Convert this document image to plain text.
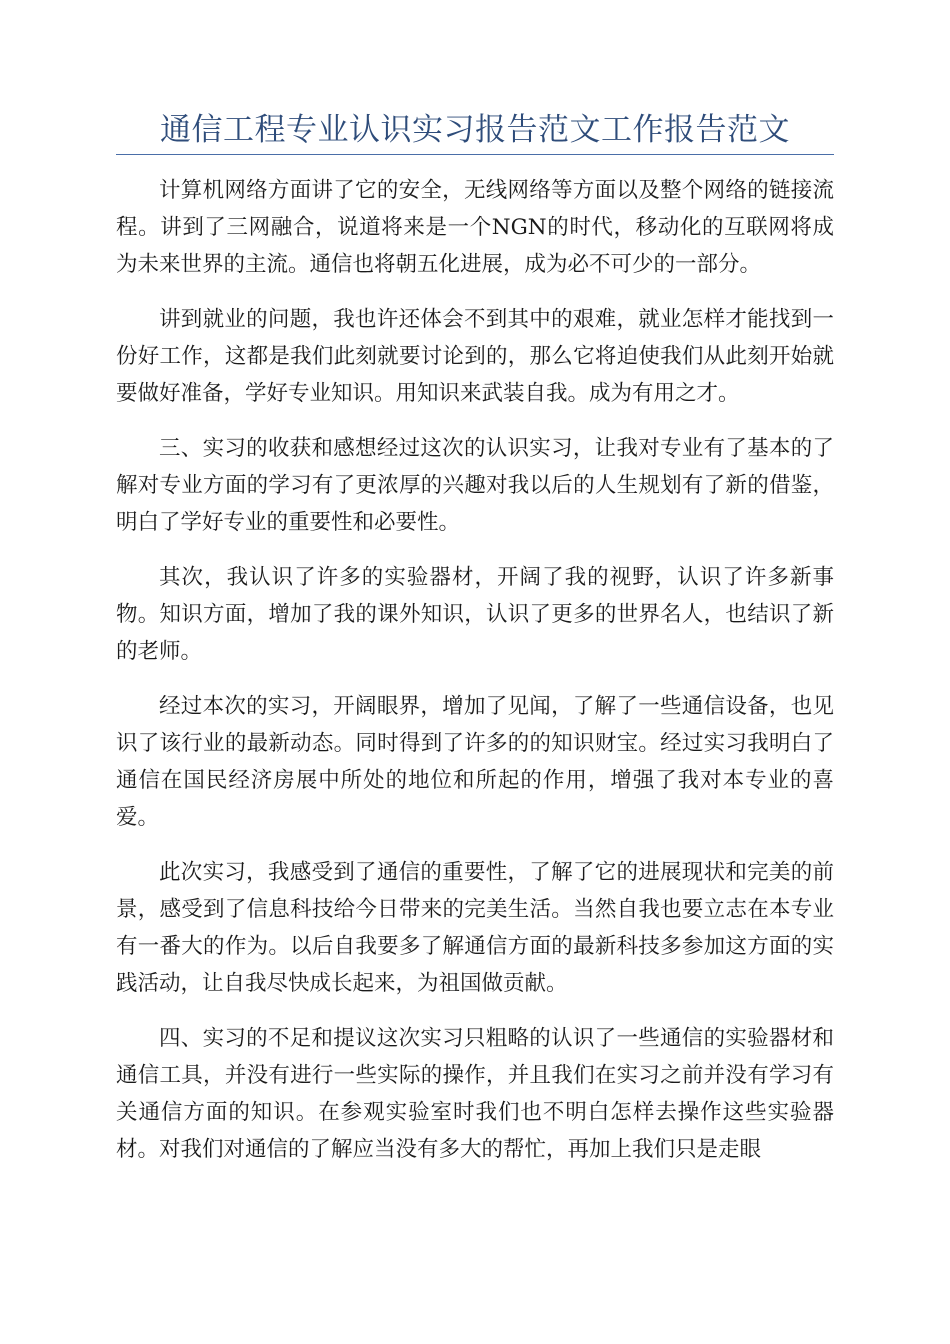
通信工程专业认识实习报告范文工作报告范文

计算机网络方面讲了它的安全，无线网络等方面以及整个网络的链接流程。讲到了三网融合，说道将来是一个NGN的时代，移动化的互联网将成为未来世界的主流。通信也将朝五化进展，成为必不可少的一部分。

讲到就业的问题，我也许还体会不到其中的艰难，就业怎样才能找到一份好工作，这都是我们此刻就要讨论到的，那么它将迫使我们从此刻开始就要做好准备，学好专业知识。用知识来武装自我。成为有用之才。

三、实习的收获和感想经过这次的认识实习，让我对专业有了基本的了解对专业方面的学习有了更浓厚的兴趣对我以后的人生规划有了新的借鉴，明白了学好专业的重要性和必要性。

其次，我认识了许多的实验器材，开阔了我的视野，认识了许多新事物。知识方面，增加了我的课外知识，认识了更多的世界名人，也结识了新的老师。

经过本次的实习，开阔眼界，增加了见闻，了解了一些通信设备，也见识了该行业的最新动态。同时得到了许多的的知识财宝。经过实习我明白了通信在国民经济房展中所处的地位和所起的作用，增强了我对本专业的喜爱。

此次实习，我感受到了通信的重要性，了解了它的进展现状和完美的前景，感受到了信息科技给今日带来的完美生活。当然自我也要立志在本专业有一番大的作为。以后自我要多了解通信方面的最新科技多参加这方面的实践活动，让自我尽快成长起来，为祖国做贡献。

四、实习的不足和提议这次实习只粗略的认识了一些通信的实验器材和通信工具，并没有进行一些实际的操作，并且我们在实习之前并没有学习有关通信方面的知识。在参观实验室时我们也不明白怎样去操作这些实验器材。对我们对通信的了解应当没有多大的帮忙，再加上我们只是走眼
